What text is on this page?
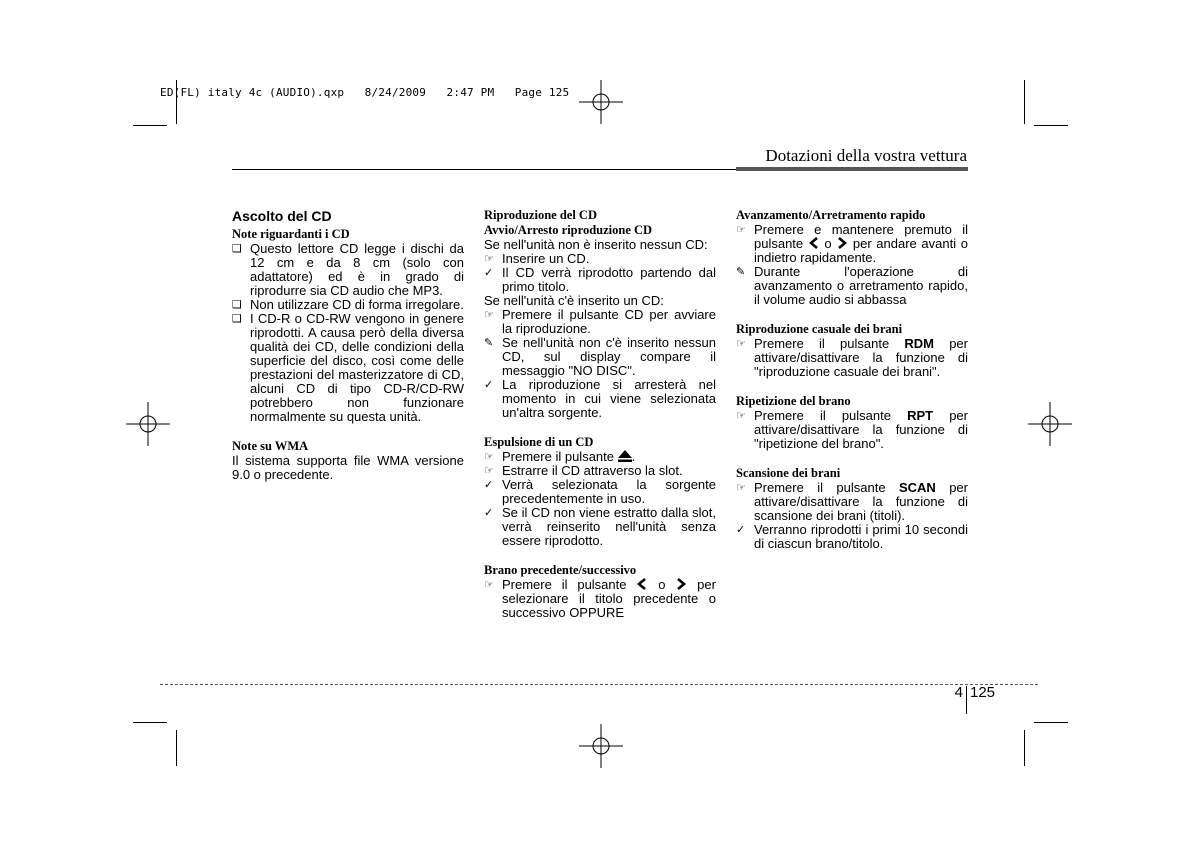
ED(FL) italy 4c (AUDIO).qxp   8/24/2009   2:47 PM   Page 125
Dotazioni della vostra vettura
Ascolto del CD
Note riguardanti i CD
❑ Questo lettore CD legge i dischi da 12 cm e da 8 cm (solo con adattatore) ed è in grado di riprodurre sia CD audio che MP3.
❑ Non utilizzare CD di forma irregolare.
❑ I CD-R o CD-RW vengono in genere riprodotti. A causa però della diversa qualità dei CD, delle condizioni della superficie del disco, così come delle prestazioni del masterizzatore di CD, alcuni CD di tipo CD-R/CD-RW potrebbero non funzionare normalmente su questa unità.
Note su WMA

Il sistema supporta file WMA versione 9.0 o precedente.

Riproduzione del CD
Avvio/Arresto riproduzione CD

Se nell'unità non è inserito nessun CD:

☞ Inserire un CD.
✓ Il CD verrà riprodotto partendo dal primo titolo.

Se nell'unità c'è inserito un CD:

☞ Premere il pulsante CD per avviare la riproduzione.
✎ Se nell'unità non c'è inserito nessun CD, sul display compare il messaggio "NO DISC".
✓ La riproduzione si arresterà nel momento in cui viene selezionata un'altra sorgente.
Espulsione di un CD
☞ Premere il pulsante .
☞ Estrarre il CD attraverso la slot.
✓ Verrà selezionata la sorgente precedentemente in uso.
✓ Se il CD non viene estratto dalla slot, verrà reinserito nell'unità senza essere riprodotto.
Brano precedente/successivo
☞ Premere il pulsante o per selezionare il titolo precedente o successivo OPPURE
Avanzamento/Arretramento rapido
☞ Premere e mantenere premuto il pulsante o per andare avanti o indietro rapidamente.
✎ Durante l'operazione di avanzamento o arretramento rapido, il volume audio si abbassa
Riproduzione casuale dei brani
☞ Premere il pulsante RDM per attivare/disattivare la funzione di "riproduzione casuale dei brani".
Ripetizione del brano
☞ Premere il pulsante RPT per attivare/disattivare la funzione di "ripetizione del brano".
Scansione dei brani
☞ Premere il pulsante SCAN per attivare/disattivare la funzione di scansione dei brani (titoli).
✓ Verranno riprodotti i primi 10 secondi di ciascun brano/titolo.
4 125
